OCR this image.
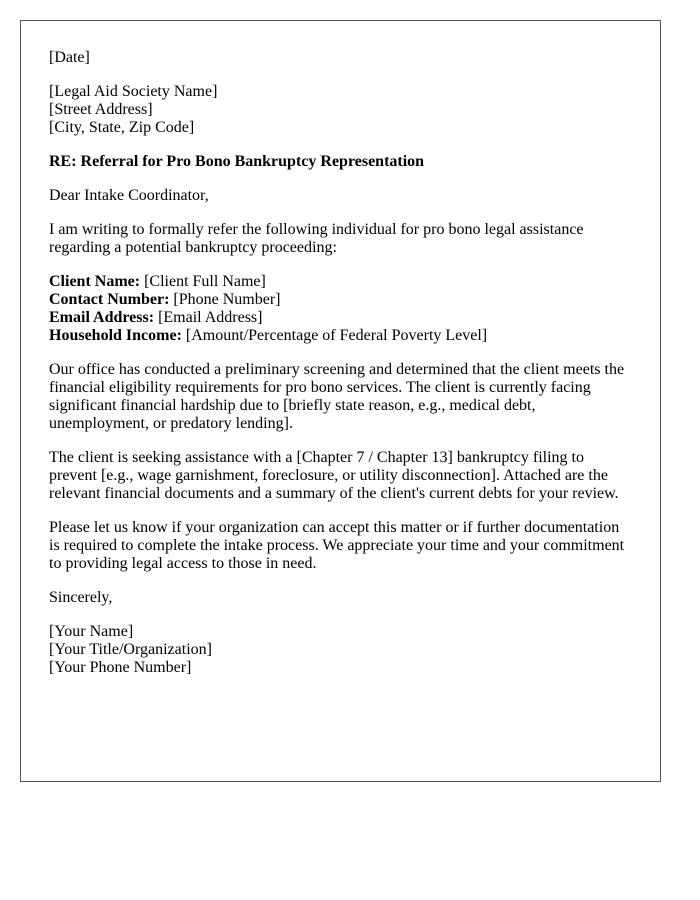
[Date]

[Legal Aid Society Name]
[Street Address]
[City, State, Zip Code]

RE: Referral for Pro Bono Bankruptcy Representation

Dear Intake Coordinator,

I am writing to formally refer the following individual for pro bono legal assistance regarding a potential bankruptcy proceeding:

Client Name: [Client Full Name]
Contact Number: [Phone Number]
Email Address: [Email Address]
Household Income: [Amount/Percentage of Federal Poverty Level]

Our office has conducted a preliminary screening and determined that the client meets the financial eligibility requirements for pro bono services. The client is currently facing significant financial hardship due to [briefly state reason, e.g., medical debt, unemployment, or predatory lending].

The client is seeking assistance with a [Chapter 7 / Chapter 13] bankruptcy filing to prevent [e.g., wage garnishment, foreclosure, or utility disconnection]. Attached are the relevant financial documents and a summary of the client's current debts for your review.

Please let us know if your organization can accept this matter or if further documentation is required to complete the intake process. We appreciate your time and your commitment to providing legal access to those in need.

Sincerely,

[Your Name]
[Your Title/Organization]
[Your Phone Number]
